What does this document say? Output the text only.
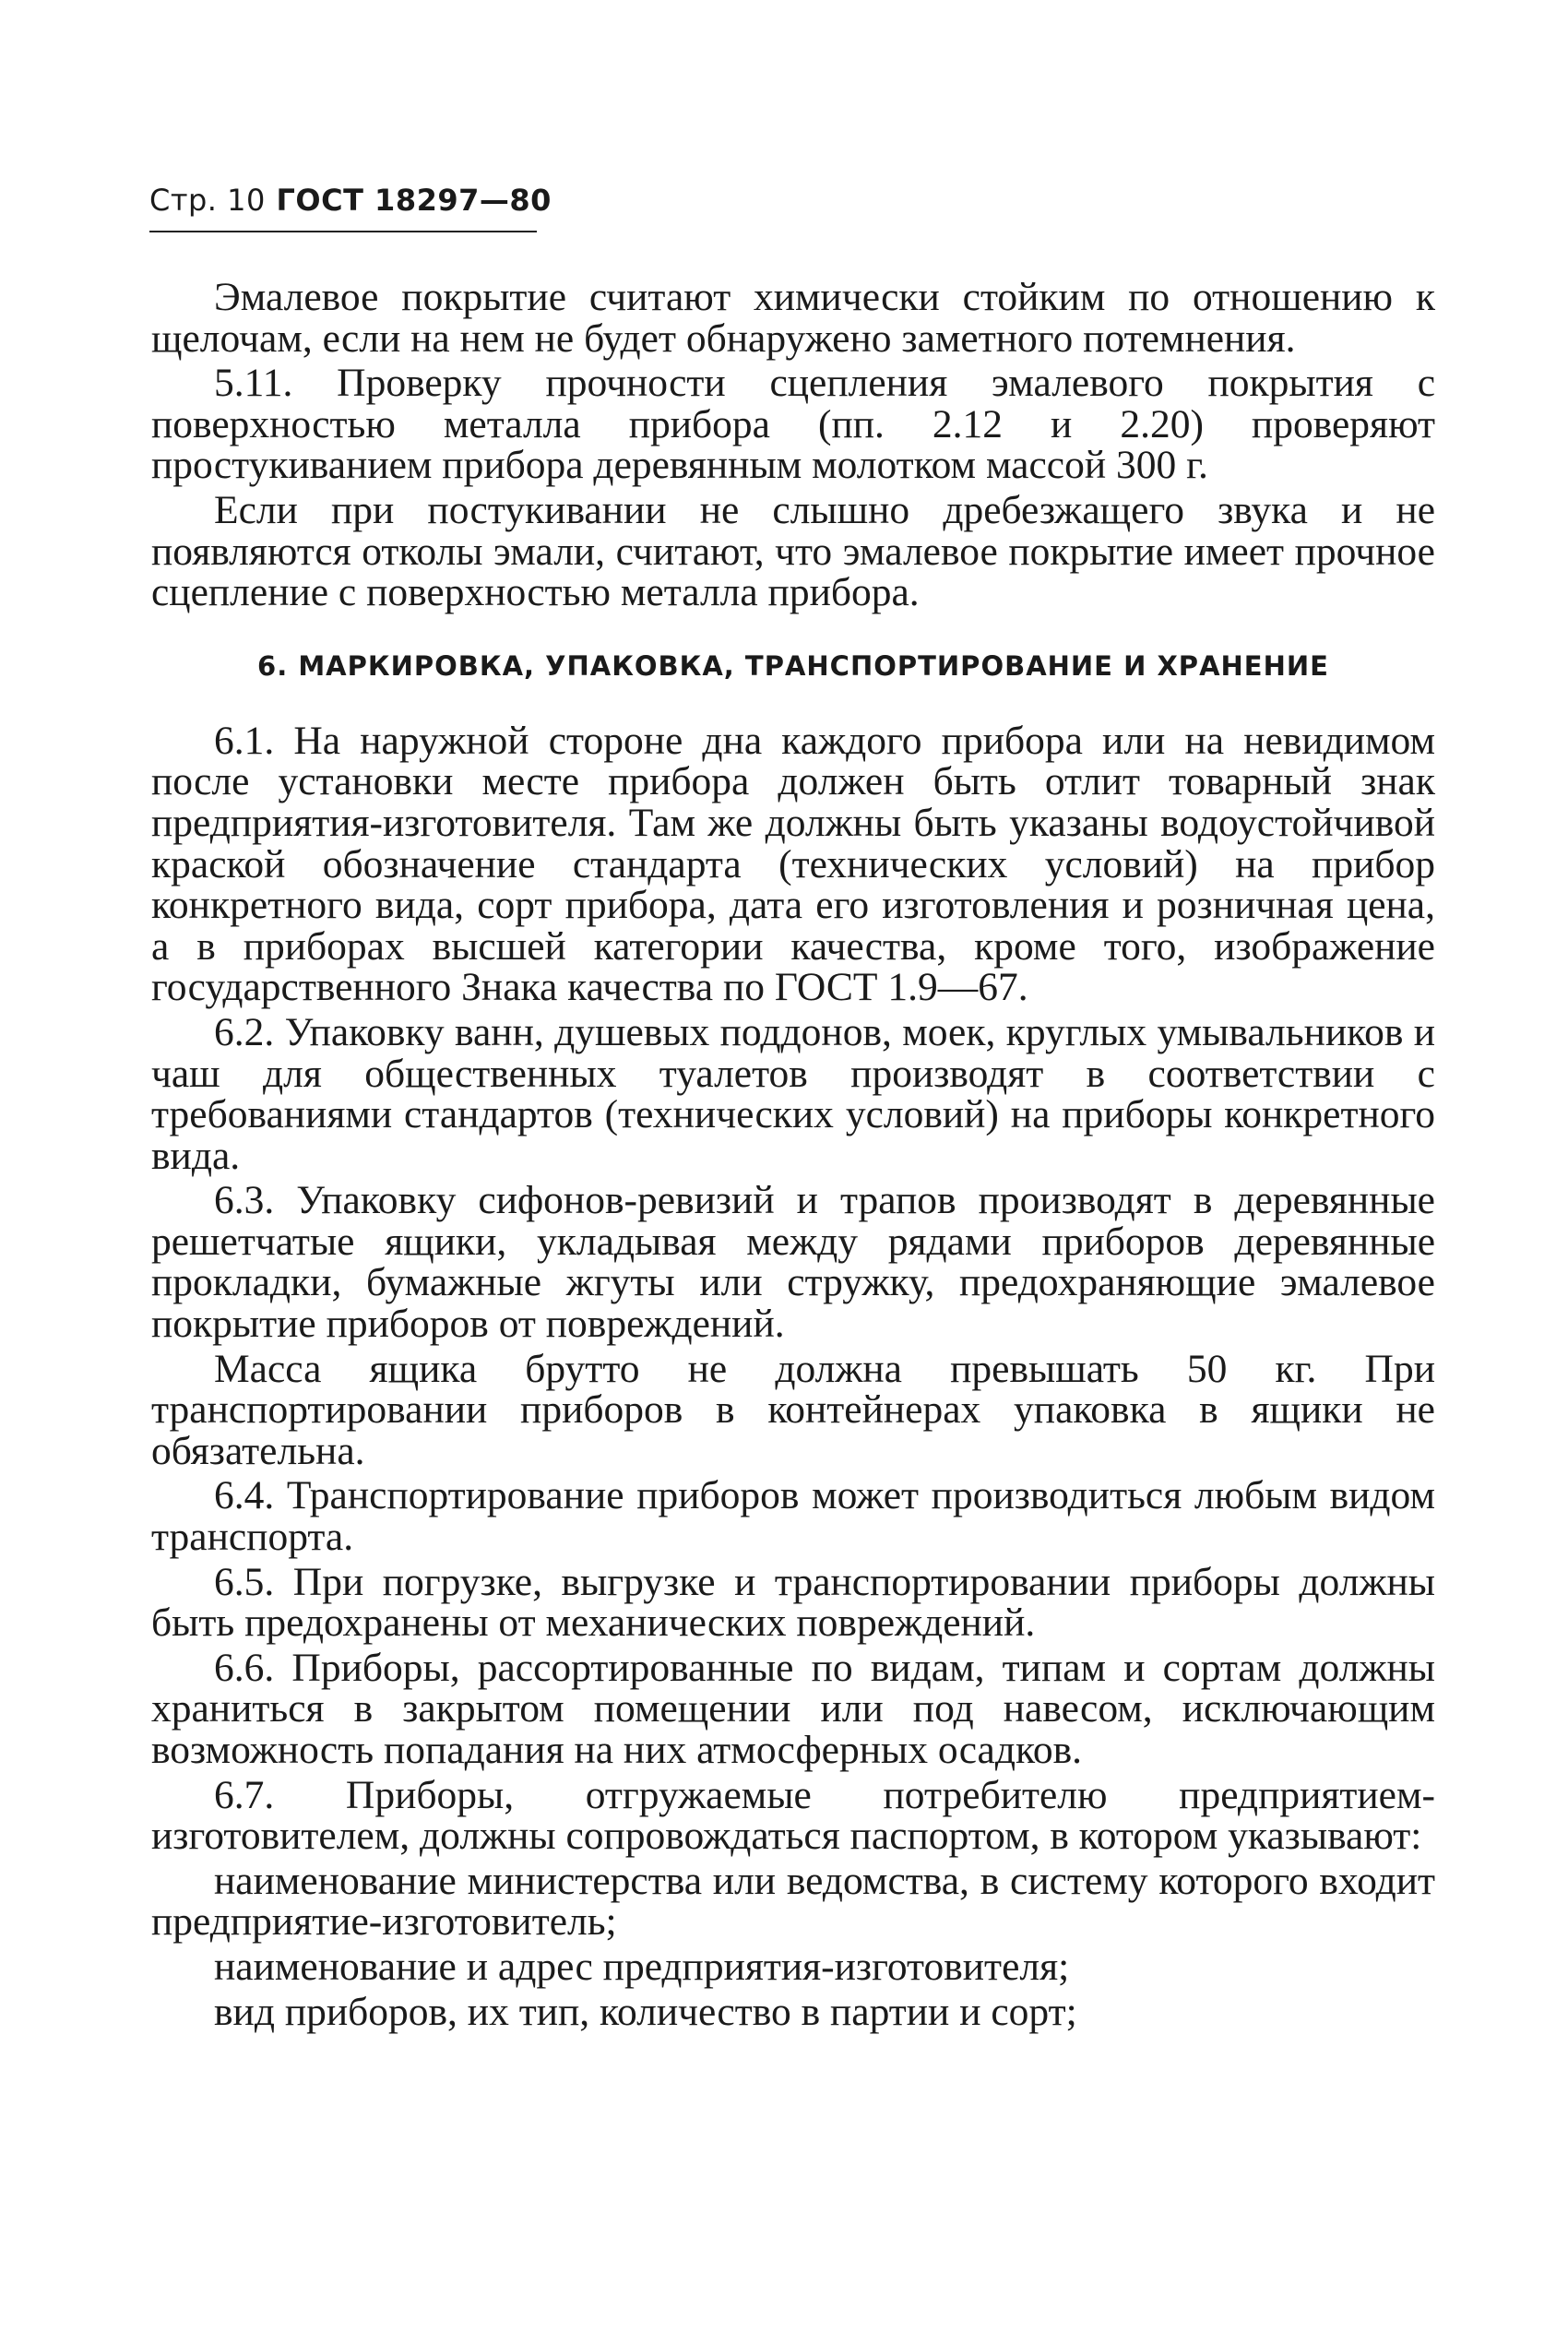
Стр. 10 ГОСТ 18297—80

Эмалевое покрытие считают химически стойким по отношению к щелочам, если на нем не будет обнаружено заметного потемнения.

5.11. Проверку прочности сцепления эмалевого покрытия с поверхностью металла прибора (пп. 2.12 и 2.20) проверяют простукиванием прибора деревянным молотком массой 300 г.

Если при постукивании не слышно дребезжащего звука и не появляются отколы эмали, считают, что эмалевое покрытие имеет прочное сцепление с поверхностью металла прибора.

6. МАРКИРОВКА, УПАКОВКА, ТРАНСПОРТИРОВАНИЕ И ХРАНЕНИЕ

6.1. На наружной стороне дна каждого прибора или на невидимом после установки месте прибора должен быть отлит товарный знак предприятия-изготовителя. Там же должны быть указаны водоустойчивой краской обозначение стандарта (технических условий) на прибор конкретного вида, сорт прибора, дата его изготовления и розничная цена, а в приборах высшей категории качества, кроме того, изображение государственного Знака качества по ГОСТ 1.9—67.

6.2. Упаковку ванн, душевых поддонов, моек, круглых умывальников и чаш для общественных туалетов производят в соответствии с требованиями стандартов (технических условий) на приборы конкретного вида.

6.3. Упаковку сифонов-ревизий и трапов производят в деревянные решетчатые ящики, укладывая между рядами приборов деревянные прокладки, бумажные жгуты или стружку, предохраняющие эмалевое покрытие приборов от повреждений.

Масса ящика брутто не должна превышать 50 кг. При транспортировании приборов в контейнерах упаковка в ящики не обязательна.

6.4. Транспортирование приборов может производиться любым видом транспорта.

6.5. При погрузке, выгрузке и транспортировании приборы должны быть предохранены от механических повреждений.

6.6. Приборы, рассортированные по видам, типам и сортам должны храниться в закрытом помещении или под навесом, исключающим возможность попадания на них атмосферных осадков.

6.7. Приборы, отгружаемые потребителю предприятием-изготовителем, должны сопровождаться паспортом, в котором указывают:

наименование министерства или ведомства, в систему которого входит предприятие-изготовитель;

наименование и адрес предприятия-изготовителя;

вид приборов, их тип, количество в партии и сорт;
